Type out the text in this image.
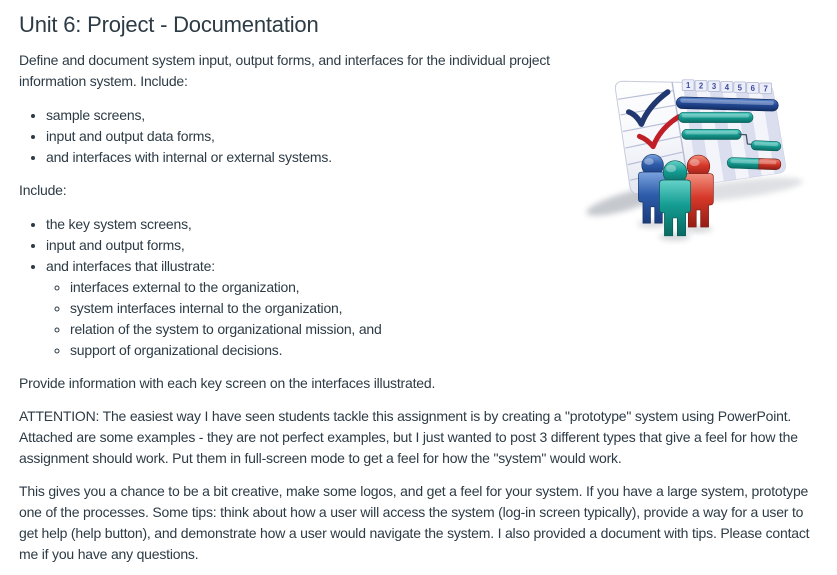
Unit 6: Project - Documentation
1 2 3 4 5 6 7

Define and document system input, output forms, and interfaces for the individual project information system. Include:

• sample screens,
• input and output data forms,
• and interfaces with internal or external systems.

Include:

• the key system screens,
• input and output forms,
• and interfaces that illustrate:
◦ interfaces external to the organization,
◦ system interfaces internal to the organization,
◦ relation of the system to organizational mission, and
◦ support of organizational decisions.

Provide information with each key screen on the interfaces illustrated.

ATTENTION: The easiest way I have seen students tackle this assignment is by creating a "prototype" system using PowerPoint. Attached are some examples - they are not perfect examples, but I just wanted to post 3 different types that give a feel for how the assignment should work. Put them in full-screen mode to get a feel for how the "system" would work.

This gives you a chance to be a bit creative, make some logos, and get a feel for your system. If you have a large system, prototype one of the processes. Some tips: think about how a user will access the system (log-in screen typically), provide a way for a user to get help (help button), and demonstrate how a user would navigate the system. I also provided a document with tips. Please contact me if you have any questions.
